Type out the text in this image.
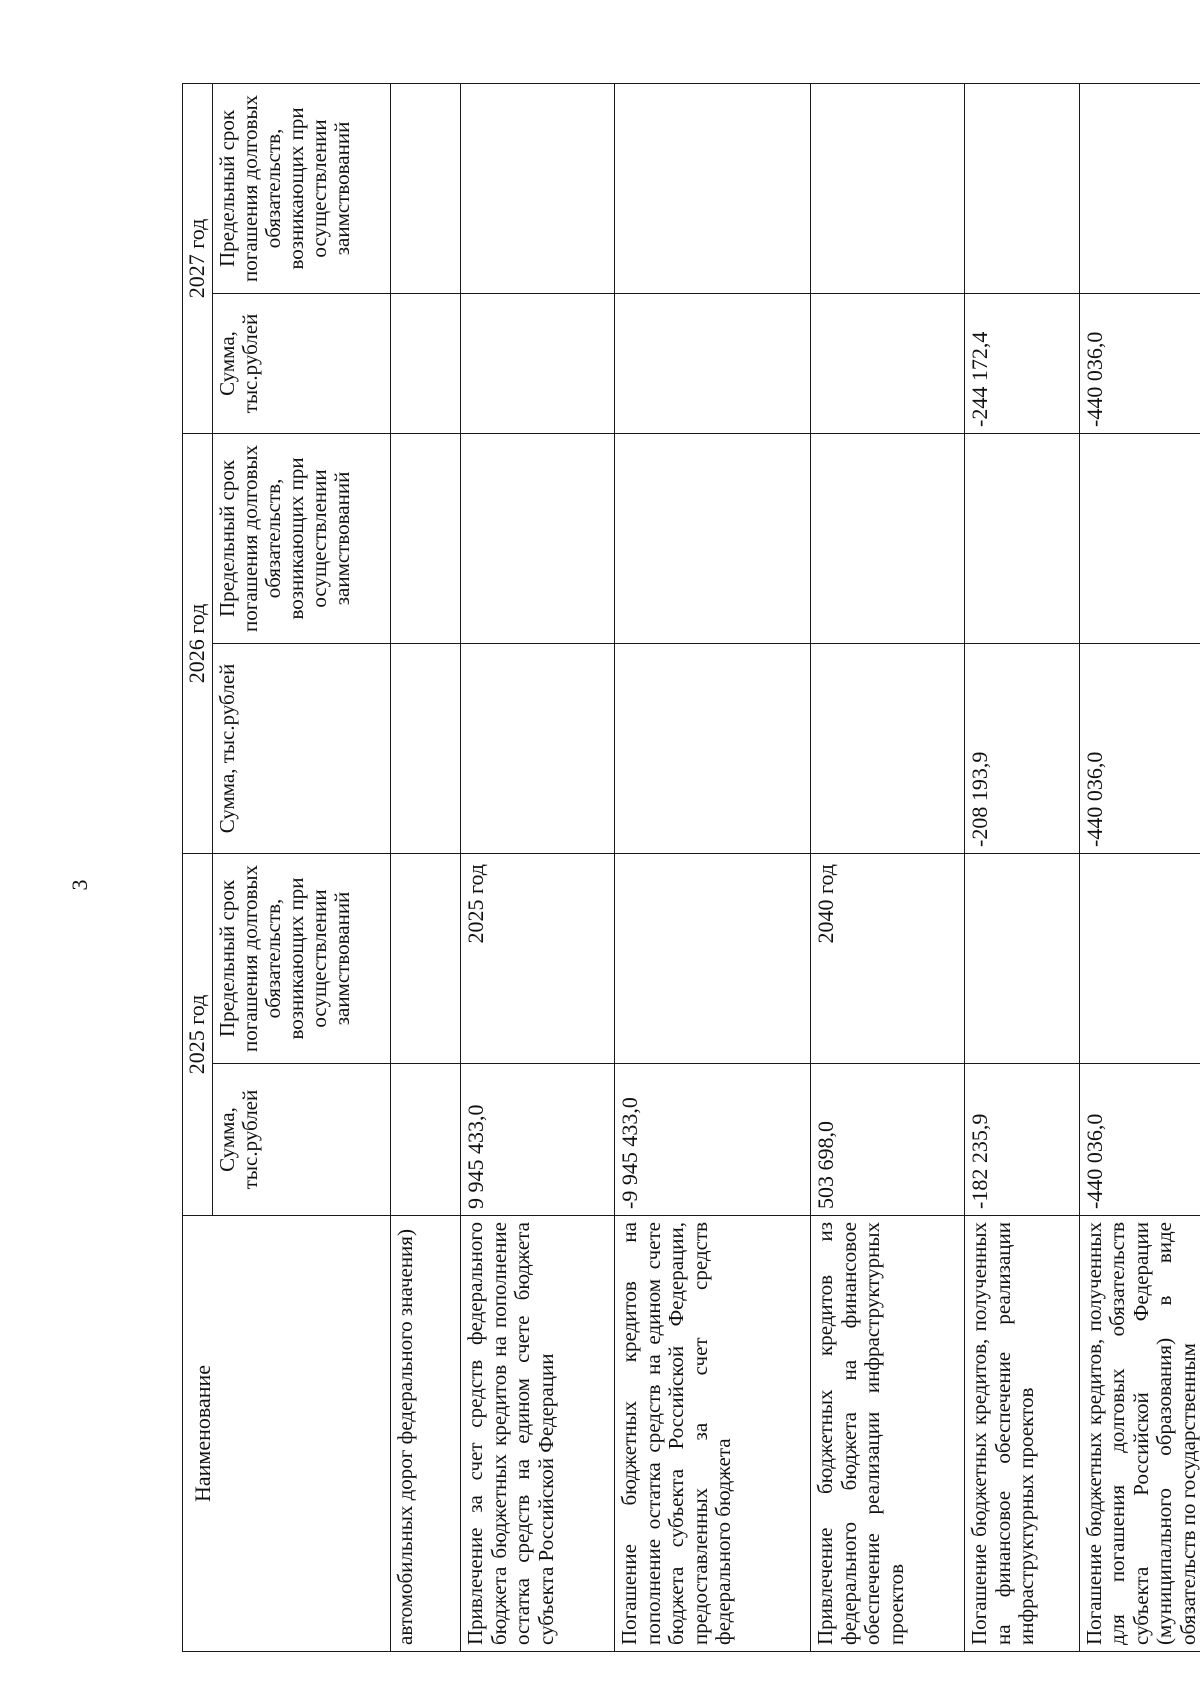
3
Наименование	2025 год		2026 год		2027 год	
	Сумма, тыс.рублей	Предельный срок погашения долговых обязательств, возникающих при осуществлении заимствований	Сумма, тыс.рублей	Предельный срок погашения долговых обязательств, возникающих при осуществлении заимствований	Сумма, тыс.рублей	Предельный срок погашения долговых обязательств, возникающих при осуществлении заимствований
автомобильных дорог федерального значения)						
Привлечение за счет средств федерального бюджета бюджетных кредитов на пополнение остатка средств на едином счете бюджета субъекта Российской Федерации	9 945 433,0	2025 год				
Погашение бюджетных кредитов на пополнение остатка средств на едином счете бюджета субъекта Российской Федерации, предоставленных за счет средств федерального бюджета	-9 945 433,0					
Привлечение бюджетных кредитов из федерального бюджета на финансовое обеспечение реализации инфраструктурных проектов	503 698,0	2040 год				
Погашение бюджетных кредитов, полученных на финансовое обеспечение реализации инфраструктурных проектов	-182 235,9		-208 193,9		-244 172,4	
Погашение бюджетных кредитов, полученных для погашения долговых обязательств субъекта Российской Федерации (муниципального образования) в виде обязательств по государственным	-440 036,0		-440 036,0		-440 036,0	
